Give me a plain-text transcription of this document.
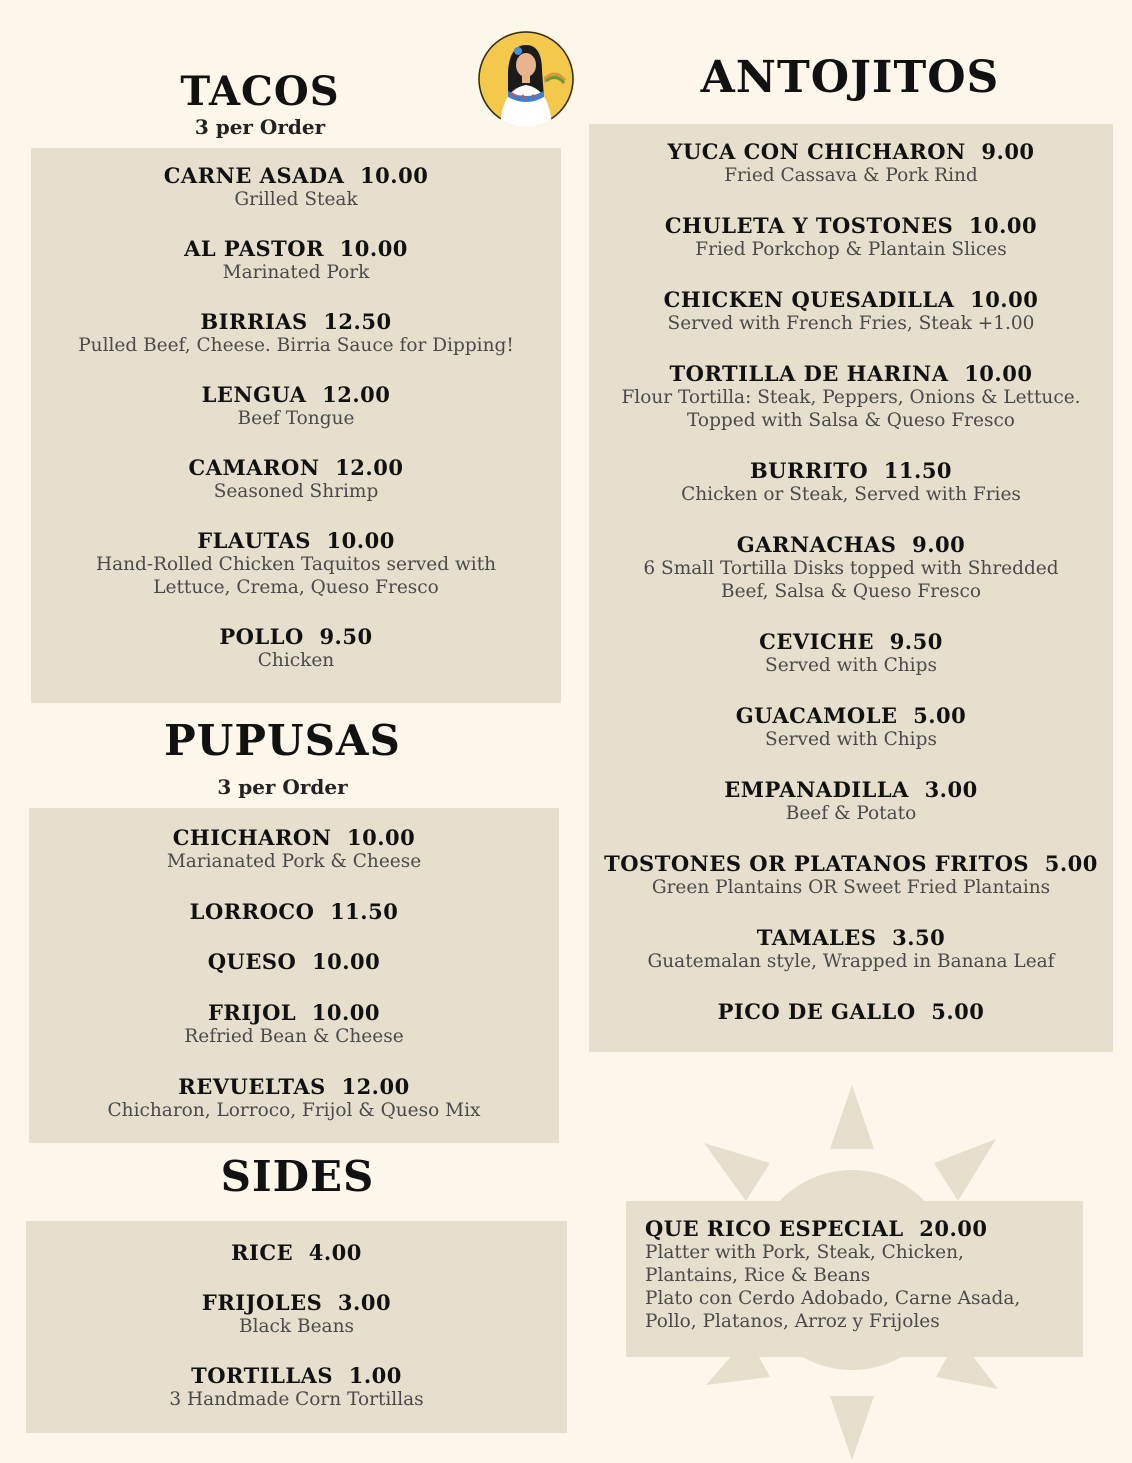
TACOS
3 per Order
CARNE ASADA 10.00
Grilled Steak
AL PASTOR 10.00
Marinated Pork
BIRRIAS 12.50
Pulled Beef, Cheese. Birria Sauce for Dipping!
LENGUA 12.00
Beef Tongue
CAMARON 12.00
Seasoned Shrimp
FLAUTAS 10.00
Hand-Rolled Chicken Taquitos served with
Lettuce, Crema, Queso Fresco
POLLO 9.50
Chicken
PUPUSAS
3 per Order
CHICHARON 10.00
Marianated Pork & Cheese
LORROCO 11.50
QUESO 10.00
FRIJOL 10.00
Refried Bean & Cheese
REVUELTAS 12.00
Chicharon, Lorroco, Frijol & Queso Mix
SIDES
RICE 4.00
FRIJOLES 3.00
Black Beans
TORTILLAS 1.00
3 Handmade Corn Tortillas
ANTOJITOS
YUCA CON CHICHARON 9.00
Fried Cassava & Pork Rind
CHULETA Y TOSTONES 10.00
Fried Porkchop & Plantain Slices
CHICKEN QUESADILLA 10.00
Served with French Fries, Steak +1.00
TORTILLA DE HARINA 10.00
Flour Tortilla: Steak, Peppers, Onions & Lettuce.
Topped with Salsa & Queso Fresco
BURRITO 11.50
Chicken or Steak, Served with Fries
GARNACHAS 9.00
6 Small Tortilla Disks topped with Shredded
Beef, Salsa & Queso Fresco
CEVICHE 9.50
Served with Chips
GUACAMOLE 5.00
Served with Chips
EMPANADILLA 3.00
Beef & Potato
TOSTONES OR PLATANOS FRITOS 5.00
Green Plantains OR Sweet Fried Plantains
TAMALES 3.50
Guatemalan style, Wrapped in Banana Leaf
PICO DE GALLO 5.00
QUE RICO ESPECIAL 20.00
Platter with Pork, Steak, Chicken,
Plantains, Rice & Beans
Plato con Cerdo Adobado, Carne Asada,
Pollo, Platanos, Arroz y Frijoles
